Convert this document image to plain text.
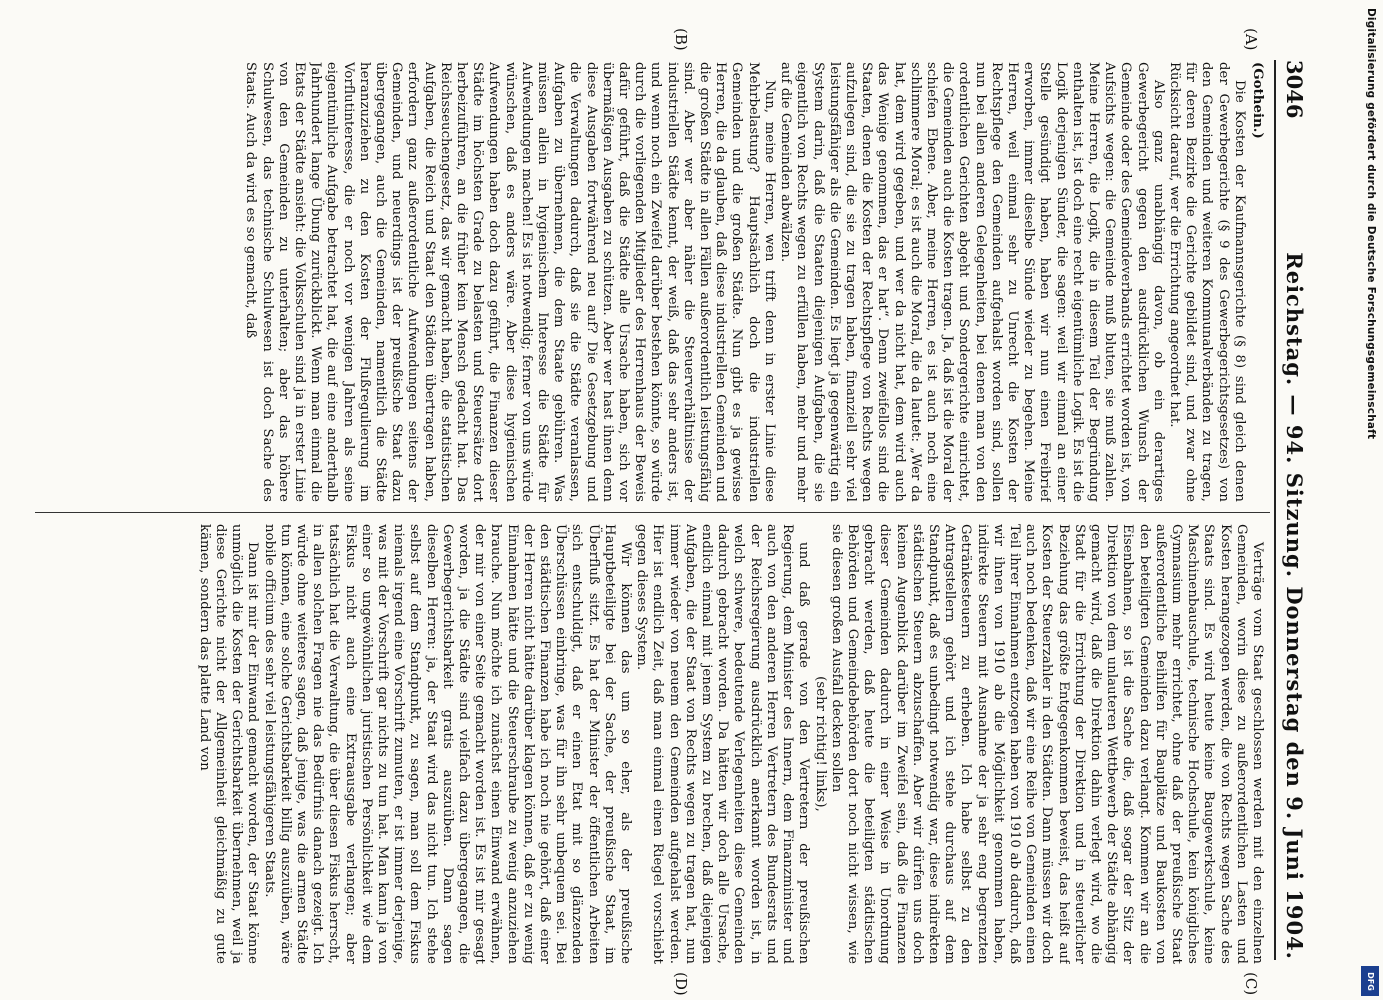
3046
Reichstag. — 94. Sitzung. Donnerstag den 9. Juni 1904.
(A)
(B)
(C)
(D)
(Gothein.)

Die Kosten der Kaufmannsgerichte (§ 8) sind gleich denen der Gewerbegerichte (§ 9 des Gewerbegerichtsgesetzes) von den Gemeinden und weiteren Kommunalverbänden zu tragen, für deren Bezirke die Gerichte gebildet sind, und zwar ohne Rücksicht darauf, wer die Errichtung angeordnet hat.

Also ganz unabhängig davon, ob ein derartiges Gewerbegericht gegen den ausdrücklichen Wunsch der Gemeinde oder des Gemeindeverbands errichtet worden ist, von Aufsichts wegen: die Gemeinde muß bluten, sie muß zahlen. Meine Herren, die Logik, die in diesem Teil der Begründung enthalten ist, ist doch eine recht eigentümliche Logik. Es ist die Logik derjenigen Sünder, die sagen: weil wir einmal an einer Stelle gesündigt haben, haben wir nun einen Freibrief erworben, immer dieselbe Sünde wieder zu begehen. Meine Herren, weil einmal sehr zu Unrecht die Kosten der Rechtspflege den Gemeinden aufgehalst worden sind, sollen nun bei allen anderen Gelegenheiten, bei denen man von den ordentlichen Gerichten abgeht und Sondergerichte einrichtet, die Gemeinden auch die Kosten tragen. Ja, daß ist die Moral der schiefen Ebene. Aber, meine Herren, es ist auch noch eine schlimmere Moral; es ist auch die Moral, die da lautet: „Wer da hat, dem wird gegeben, und wer da nicht hat, dem wird auch das Wenige genommen, das er hat“. Denn zweifellos sind die Staaten, denen die Kosten der Rechtspflege von Rechts wegen aufzulegen sind, die sie zu tragen haben, finanziell sehr viel leistungsfähiger als die Gemeinden. Es liegt ja gegenwärtig ein System darin, daß die Staaten diejenigen Aufgaben, die sie eigentlich von Rechts wegen zu erfüllen haben, mehr und mehr auf die Gemeinden abwälzen.

Nun, meine Herren, wen trifft denn in erster Linie diese Mehrbelastung? Hauptsächlich doch die industriellen Gemeinden und die großen Städte. Nun gibt es ja gewisse Herren, die da glauben, daß diese industriellen Gemeinden und die großen Städte in allen Fällen außerordentlich leistungsfähig sind. Aber wer aber näher die Steuerverhältnisse der industriellen Städte kennt, der weiß, daß das sehr anders ist, und wenn noch ein Zweifel darüber bestehen könnte, so würde durch die vorliegenden Mitglieder des Herrenhaus der Beweis dafür geführt, daß die Städte alle Ursache haben, sich vor übermäßigen Ausgaben zu schützen. Aber wer hast ihnen denn diese Ausgaben fortwährend neu auf? Die Gesetzgebung und die Verwaltungen dadurch, daß sie die Städte veranlassen, Aufgaben zu übernehmen, die dem Staate gebühren. Was müssen allein in hygienischem Interesse die Städte für Aufwendungen machen! Es ist notwendig; ferner von uns würde wünschen, daß es anders wäre. Aber diese hygienischen Aufwendungen haben doch dazu geführt, die Finanzen dieser Städte im höchsten Grade zu belasten und Steuersätze dort herbeizuführen, an die früher kein Mensch gedacht hat. Das Reichsseuchengesetz, das wir gemacht haben, die statistischen Aufgaben, die Reich und Staat den Städten übertragen haben, erfordern ganz außerordentliche Aufwendungen seitens der Gemeinden, und neuerdings ist der preußische Staat dazu übergegangen, auch die Gemeinden, namentlich die Städte heranzuziehen zu den Kosten der Flußregulierung im Vorflutinteresse, die er noch vor wenigen Jahren als seine eigentümliche Aufgabe betrachtet hat, die auf eine anderthalb Jahrhundert lange Übung zurückblickt. Wenn man einmal die Etats der Städte ansieht: die Volksschulen sind ja in erster Linie von den Gemeinden zu unterhalten; aber das höhere Schulwesen, das technische Schulwesen ist doch Sache des Staats. Auch da wird es so gemacht, daß

Verträge vom Staat geschlossen werden mit den einzelnen Gemeinden, worin diese zu außerordentlichen Lasten und Kosten herangezogen werden, die von Rechts wegen Sache des Staats sind. Es wird heute keine Baugewerkschule, keine Maschinenbauschule, technische Hochschule, kein königliches Gymnasium mehr errichtet, ohne daß der preußische Staat außerordentliche Beihilfen für Bauplätze und Baukosten von den beteiligten Gemeinden dazu verlangt. Kommen wir an die Eisenbahnen, so ist die Sache die, daß sogar der Sitz der Direktion von dem unlauteren Wettbewerb der Städte abhängig gemacht wird, daß die Direktion dahin verlegt wird, wo die Stadt für die Errichtung der Direktion und in steuerlicher Beziehung das größte Entgegenkommen beweist, das heißt auf Kosten der Steuerzahler in den Städten. Dann müssen wir doch auch noch bedenken, daß wir eine Reihe von Gemeinden einen Teil ihrer Einnahmen entzogen haben von 1910 ab dadurch, daß wir ihnen von 1910 ab die Möglichkeit genommen haben, indirekte Steuern mit Ausnahme der ja sehr eng begrenzten Getränkesteuern zu erheben. Ich habe selbst zu den Antragstellern gehört und ich stehe durchaus auf dem Standpunkt, daß es unbedingt notwendig war, diese indirekten städtischen Steuern abzuschaffen. Aber wir dürfen uns doch keinen Augenblick darüber im Zweifel sein, daß die Finanzen dieser Gemeinden dadurch in einer Weise in Unordnung gebracht werden, daß heute die beteiligten städtischen Behörden und Gemeindebehörden dort noch nicht wissen, wie sie diesen großen Ausfall decken sollen

(sehr richtig! links),

und daß gerade von den Vertretern der preußischen Regierung, dem Minister des Innern, dem Finanzminister und auch von den anderen Herren Vertretern des Bundesrats und der Reichsregierung ausdrücklich anerkannt worden ist, in welch schwere, bedeutende Verlegenheiten diese Gemeinden dadurch gebracht worden. Da hätten wir doch alle Ursache, endlich einmal mit jenem System zu brechen, daß diejenigen Aufgaben, die der Staat von Rechts wegen zu tragen hat, nun immer wieder von neuem den Gemeinden aufgehalst werden. Hier ist endlich Zeit, daß man einmal einen Riegel vorschiebt gegen dieses System.

Wir können das um so eher, als der preußische Hauptbeteiligte bei der Sache, der preußische Staat, im Überfluß sitzt. Es hat der Minister der öffentlichen Arbeiten sich entschuldigt, daß er einen Etat mit so glänzenden Überschüssen einbringe, was für ihn sehr unbequem sei. Bei den städtischen Finanzen habe ich noch nie gehört, daß einer der Herren nicht hätte darüber klagen können, daß er zu wenig Einnahmen hätte und die Steuerschraube zu wenig anzuziehen brauche. Nun möchte ich zunächst einen Einwand erwähnen, der mir von einer Seite gemacht worden ist. Es ist mir gesagt worden, ja die Städte sind vielfach dazu übergegangen, die Gewerbegerichtsbarkeit gratis auszuüben. Dann sagen dieselben Herren: ja, der Staat wird das nicht tun. Ich stehe selbst auf dem Standpunkt, zu sagen, man soll dem Fiskus niemals irgend eine Vorschrift zumuten, er ist immer derjenige, was mit der Vorschrift gar nichts zu tun hat. Man kann ja von einer so ungewöhnlichen juristischen Persönlichkeit wie dem Fiskus nicht auch eine Extraausgabe verlangen; aber tatsächlich hat die Verwaltung, die über diesen Fiskus herrscht, in allen solchen Fragen nie das Bedürfnis danach gezeigt. Ich würde ohne weiteres sagen, daß jenige, was die armen Städte tun können, eine solche Gerichtsbarkeit billig auszuüben, wäre nobile officium des sehr viel leistungsfähigeren Staats.

Dann ist mir der Einwand gemacht worden, der Staat könne unmöglich die Kosten der Gerichtsbarkeit übernehmen, weil ja diese Gerichte nicht der Allgemeinheit gleichmäßig zu gute kämen, sondern das platte Land von

Digitalisierung gefördert durch die Deutsche Forschungsgemeinschaft
DFG
